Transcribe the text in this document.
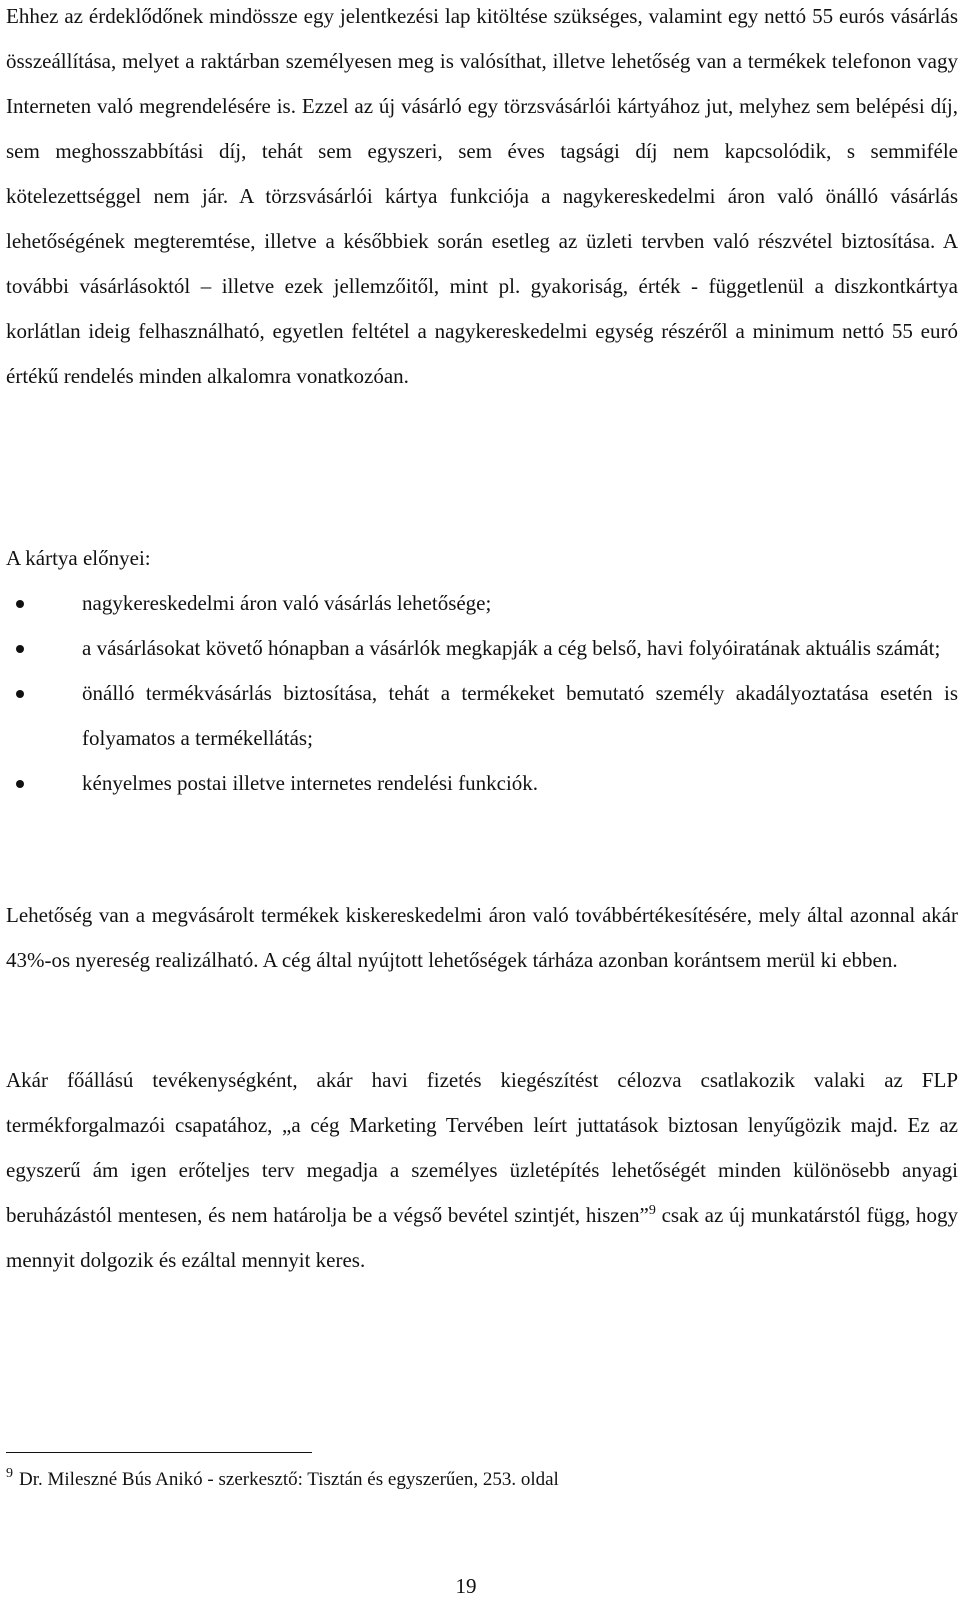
Ehhez az érdeklődőnek mindössze egy jelentkezési lap kitöltése szükséges, valamint egy nettó 55 eurós vásárlás összeállítása, melyet a raktárban személyesen meg is valósíthat, illetve lehetőség van a termékek telefonon vagy Interneten való megrendelésére is. Ezzel az új vásárló egy törzsvásárlói kártyához jut, melyhez sem belépési díj, sem meghosszabbítási díj, tehát sem egyszeri, sem éves tagsági díj nem kapcsolódik, s semmiféle kötelezettséggel nem jár. A törzsvásárlói kártya funkciója a nagykereskedelmi áron való önálló vásárlás lehetőségének megteremtése, illetve a későbbiek során esetleg az üzleti tervben való részvétel biztosítása. A további vásárlásoktól – illetve ezek jellemzőitől, mint pl. gyakoriság, érték - függetlenül a diszkontkártya korlátlan ideig felhasználható, egyetlen feltétel a nagykereskedelmi egység részéről a minimum nettó 55 euró értékű rendelés minden alkalomra vonatkozóan.

A kártya előnyei:

nagykereskedelmi áron való vásárlás lehetősége;
a vásárlásokat követő hónapban a vásárlók megkapják a cég belső, havi folyóiratának aktuális számát;
önálló termékvásárlás biztosítása, tehát a termékeket bemutató személy akadályoztatása esetén is folyamatos a termékellátás;
kényelmes postai illetve internetes rendelési funkciók.

Lehetőség van a megvásárolt termékek kiskereskedelmi áron való továbbértékesítésére, mely által azonnal akár 43%-os nyereség realizálható. A cég által nyújtott lehetőségek tárháza azonban korántsem merül ki ebben.

Akár főállású tevékenységként, akár havi fizetés kiegészítést célozva csatlakozik valaki az FLP termékforgalmazói csapatához, „a cég Marketing Tervében leírt juttatások biztosan lenyűgözik majd. Ez az egyszerű ám igen erőteljes terv megadja a személyes üzletépítés lehetőségét minden különösebb anyagi beruházástól mentesen, és nem határolja be a végső bevétel szintjét, hiszen”$^9$ csak az új munkatárstól függ, hogy mennyit dolgozik és ezáltal mennyit keres.

$^9$ Dr. Mileszné Bús Anikó - szerkesztő: Tisztán és egyszerűen, 253. oldal
19
